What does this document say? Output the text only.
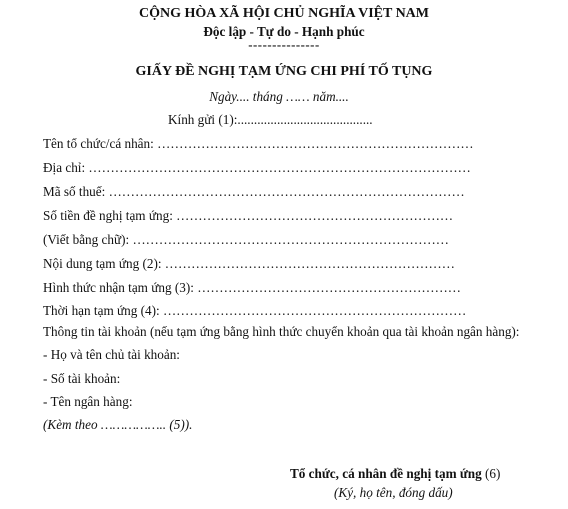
CỘNG HÒA XÃ HỘI CHỦ NGHĨA VIỆT NAM
Độc lập - Tự do - Hạnh phúc
---------------
GIẤY ĐỀ NGHỊ TẠM ỨNG CHI PHÍ TỐ TỤNG
Ngày.... tháng …… năm....
Kính gửi (1):.........................................
Tên tổ chức/cá nhân: ………………………………………………………………
Địa chỉ: ……………………………………………………………………………
Mã số thuế: ………………………………………………………………………
Số tiền đề nghị tạm ứng: ………………………………………………………
(Viết bằng chữ): ………………………………………………………………
Nội dung tạm ứng (2): …………………………………………………………
Hình thức nhận tạm ứng (3): ……………………………………………………
Thời hạn tạm ứng (4): ……………………………………………………………
Thông tin tài khoản (nếu tạm ứng bằng hình thức chuyển khoản qua tài khoản ngân hàng):
- Họ và tên chủ tài khoản:
- Số tài khoản:
- Tên ngân hàng:
(Kèm theo …………….. (5)).
Tổ chức, cá nhân đề nghị tạm ứng (6)
(Ký, họ tên, đóng dấu)
